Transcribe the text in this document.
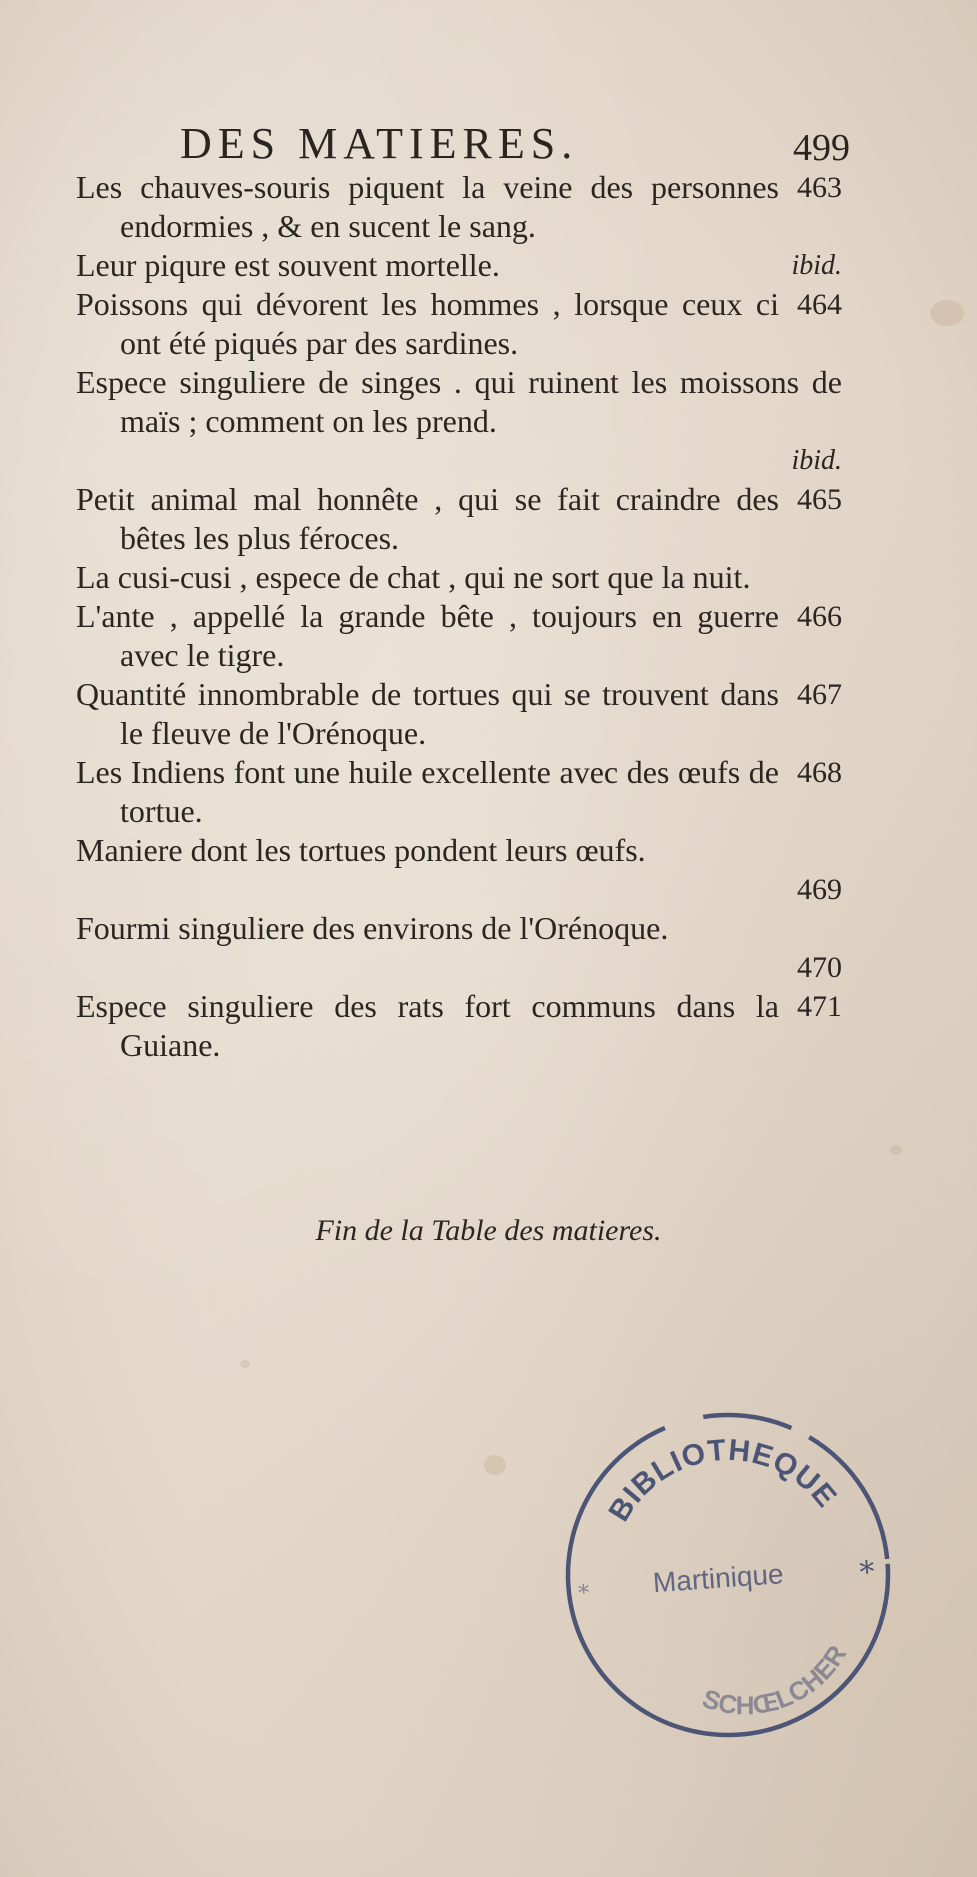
DES MATIERES.	499
463
Les chauves-souris piquent la veine des personnes endormies , & en sucent le sang.
ibid.
Leur piqure est souvent mortelle.
464
Poissons qui dévorent les hommes , lorsque ceux ci ont été piqués par des sardines.
Espece singuliere de singes . qui ruinent les moissons de maïs ; comment on les prend.
ibid.
465
Petit animal mal honnête , qui se fait craindre des bêtes les plus féroces.
La cusi-cusi , espece de chat , qui ne sort que la nuit.
466
L'ante , appellé la grande bête , toujours en guerre avec le tigre.
467
Quantité innombrable de tortues qui se trouvent dans le fleuve de l'Orénoque.
468
Les Indiens font une huile excellente avec des œufs de tortue.
Maniere dont les tortues pondent leurs œufs.
469
Fourmi singuliere des environs de l'Orénoque.
470
471
Espece singuliere des rats fort communs dans la Guiane.
Fin de la Table des matieres.
BIBLIOTHEQUE
Martinique
*
*
SCHŒLCHER
